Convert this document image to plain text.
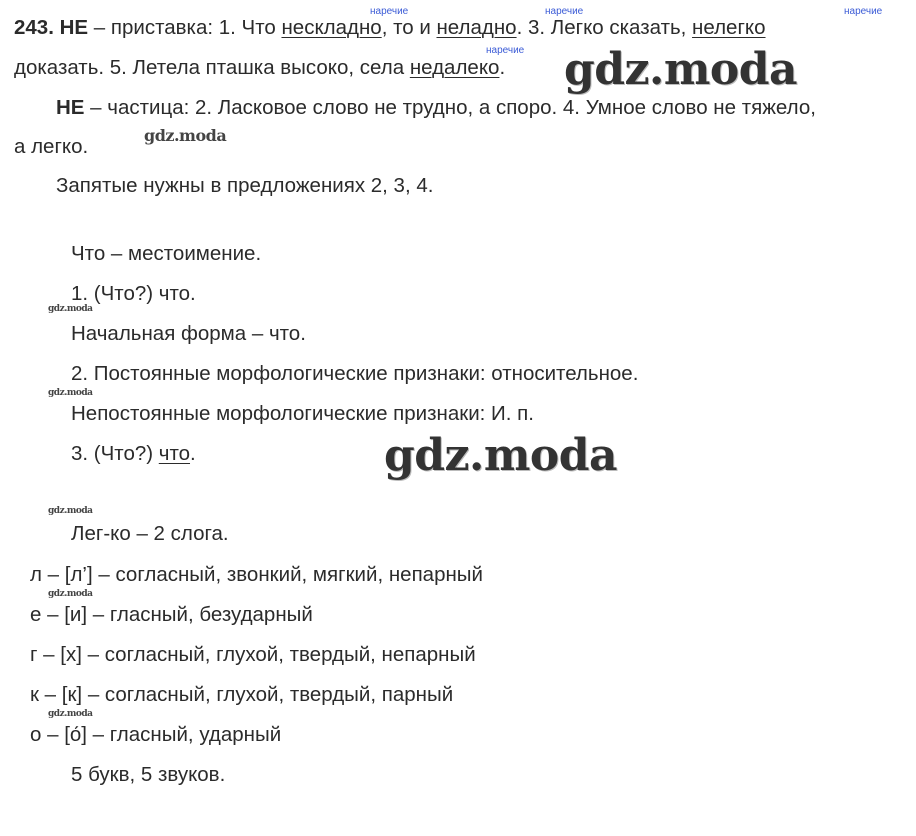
наречие	наречие	наречие
наречие
243. НЕ – приставка: 1. Что нескладно, то и неладно. 3. Легко сказать, нелегко
доказать. 5. Летела пташка высоко, села недалеко.
НЕ – частица: 2. Ласковое слово не трудно, а споро. 4. Умное слово не тяжело,
а легко.
Запятые нужны в предложениях 2, 3, 4.
Что – местоимение.
1. (Что?) что.
Начальная форма – что.
2. Постоянные морфологические признаки: относительное.
Непостоянные морфологические признаки: И. п.
3. (Что?) что.
Лег-ко – 2 слога.
л – [л’] – согласный, звонкий, мягкий, непарный
е – [и] – гласный, безударный
г – [х] – согласный, глухой, твердый, непарный
к – [к] – согласный, глухой, твердый, парный
о – [о́] – гласный, ударный
5 букв, 5 звуков.
gdz.moda
gdz.moda
gdz.moda
gdz.moda
gdz.moda
gdz.moda
gdz.moda
gdz.moda
